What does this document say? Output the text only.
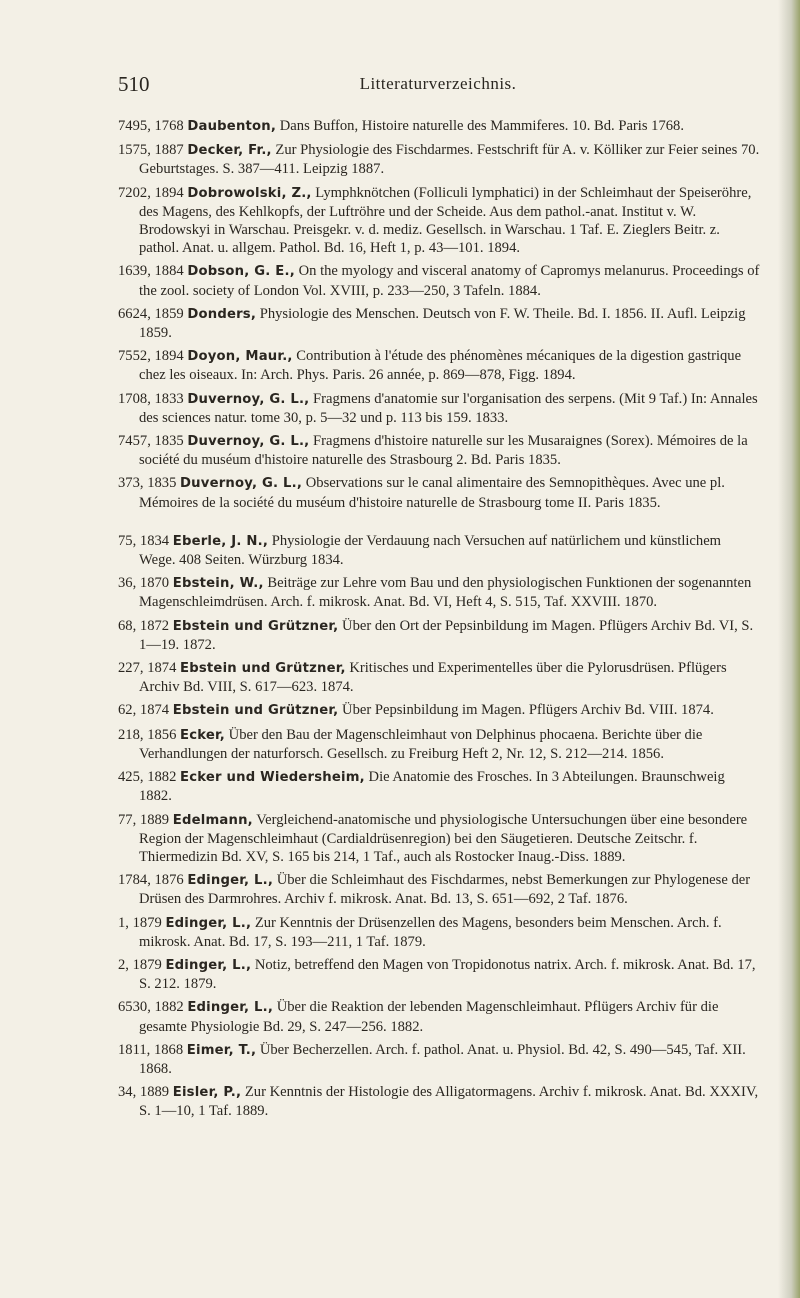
510	Litteraturverzeichnis.

7495, 1768 Daubenton, Dans Buffon, Histoire naturelle des Mammiferes. 10. Bd. Paris 1768.

1575, 1887 Decker, Fr., Zur Physiologie des Fischdarmes. Festschrift für A. v. Kölliker zur Feier seines 70. Geburtstages. S. 387—411. Leipzig 1887.

7202, 1894 Dobrowolski, Z., Lymphknötchen (Folliculi lymphatici) in der Schleimhaut der Speiseröhre, des Magens, des Kehlkopfs, der Luftröhre und der Scheide. Aus dem pathol.-anat. Institut v. W. Brodowskyi in Warschau. Preisgekr. v. d. mediz. Gesellsch. in Warschau. 1 Taf. E. Zieglers Beitr. z. pathol. Anat. u. allgem. Pathol. Bd. 16, Heft 1, p. 43—101. 1894.

1639, 1884 Dobson, G. E., On the myology and visceral anatomy of Capromys melanurus. Proceedings of the zool. society of London Vol. XVIII, p. 233—250, 3 Tafeln. 1884.

6624, 1859 Donders, Physiologie des Menschen. Deutsch von F. W. Theile. Bd. I. 1856. II. Aufl. Leipzig 1859.

7552, 1894 Doyon, Maur., Contribution à l'étude des phénomènes mécaniques de la digestion gastrique chez les oiseaux. In: Arch. Phys. Paris. 26 année, p. 869—878, Figg. 1894.

1708, 1833 Duvernoy, G. L., Fragmens d'anatomie sur l'organisation des serpens. (Mit 9 Taf.) In: Annales des sciences natur. tome 30, p. 5—32 und p. 113 bis 159. 1833.

7457, 1835 Duvernoy, G. L., Fragmens d'histoire naturelle sur les Musaraignes (Sorex). Mémoires de la société du muséum d'histoire naturelle des Strasbourg 2. Bd. Paris 1835.

373, 1835 Duvernoy, G. L., Observations sur le canal alimentaire des Semnopithèques. Avec une pl. Mémoires de la société du muséum d'histoire naturelle de Strasbourg tome II. Paris 1835.

75, 1834 Eberle, J. N., Physiologie der Verdauung nach Versuchen auf natürlichem und künstlichem Wege. 408 Seiten. Würzburg 1834.

36, 1870 Ebstein, W., Beiträge zur Lehre vom Bau und den physiologischen Funktionen der sogenannten Magenschleimdrüsen. Arch. f. mikrosk. Anat. Bd. VI, Heft 4, S. 515, Taf. XXVIII. 1870.

68, 1872 Ebstein und Grützner, Über den Ort der Pepsinbildung im Magen. Pflügers Archiv Bd. VI, S. 1—19. 1872.

227, 1874 Ebstein und Grützner, Kritisches und Experimentelles über die Pylorusdrüsen. Pflügers Archiv Bd. VIII, S. 617—623. 1874.

62, 1874 Ebstein und Grützner, Über Pepsinbildung im Magen. Pflügers Archiv Bd. VIII. 1874.

218, 1856 Ecker, Über den Bau der Magenschleimhaut von Delphinus phocaena. Berichte über die Verhandlungen der naturforsch. Gesellsch. zu Freiburg Heft 2, Nr. 12, S. 212—214. 1856.

425, 1882 Ecker und Wiedersheim, Die Anatomie des Frosches. In 3 Abteilungen. Braunschweig 1882.

77, 1889 Edelmann, Vergleichend-anatomische und physiologische Untersuchungen über eine besondere Region der Magenschleimhaut (Cardialdrüsenregion) bei den Säugetieren. Deutsche Zeitschr. f. Thiermedizin Bd. XV, S. 165 bis 214, 1 Taf., auch als Rostocker Inaug.-Diss. 1889.

1784, 1876 Edinger, L., Über die Schleimhaut des Fischdarmes, nebst Bemerkungen zur Phylogenese der Drüsen des Darmrohres. Archiv f. mikrosk. Anat. Bd. 13, S. 651—692, 2 Taf. 1876.

1, 1879 Edinger, L., Zur Kenntnis der Drüsenzellen des Magens, besonders beim Menschen. Arch. f. mikrosk. Anat. Bd. 17, S. 193—211, 1 Taf. 1879.

2, 1879 Edinger, L., Notiz, betreffend den Magen von Tropidonotus natrix. Arch. f. mikrosk. Anat. Bd. 17, S. 212. 1879.

6530, 1882 Edinger, L., Über die Reaktion der lebenden Magenschleimhaut. Pflügers Archiv für die gesamte Physiologie Bd. 29, S. 247—256. 1882.

1811, 1868 Eimer, T., Über Becherzellen. Arch. f. pathol. Anat. u. Physiol. Bd. 42, S. 490—545, Taf. XII. 1868.

34, 1889 Eisler, P., Zur Kenntnis der Histologie des Alligatormagens. Archiv f. mikrosk. Anat. Bd. XXXIV, S. 1—10, 1 Taf. 1889.
